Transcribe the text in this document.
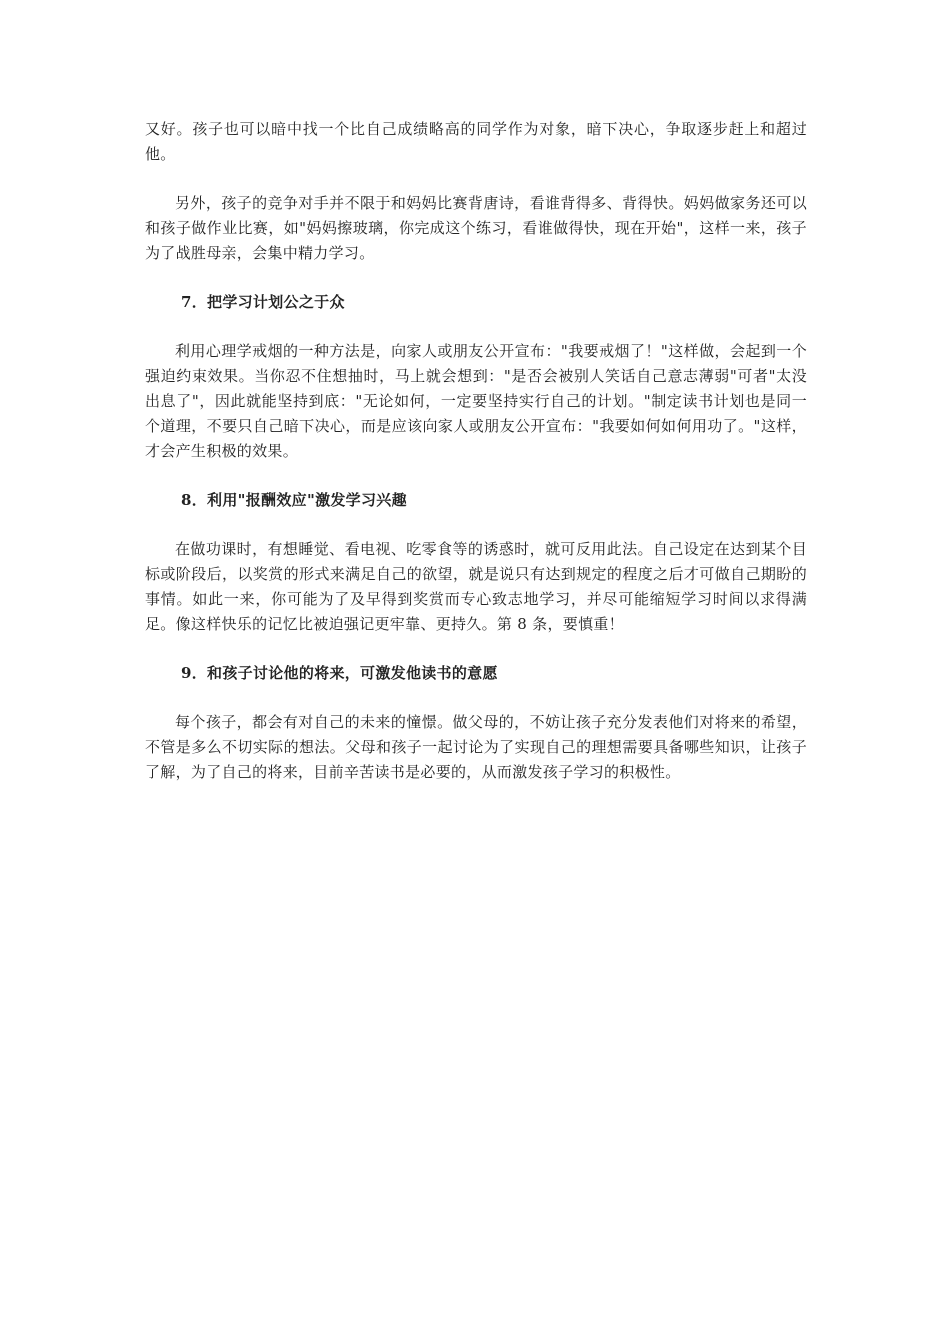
又好。孩子也可以暗中找一个比自己成绩略高的同学作为对象，暗下决心，争取逐步赶上和超过他。

另外，孩子的竞争对手并不限于和妈妈比赛背唐诗，看谁背得多、背得快。妈妈做家务还可以和孩子做作业比赛，如"妈妈擦玻璃，你完成这个练习，看谁做得快，现在开始"，这样一来，孩子为了战胜母亲，会集中精力学习。

7．把学习计划公之于众

利用心理学戒烟的一种方法是，向家人或朋友公开宣布："我要戒烟了！"这样做，会起到一个强迫约束效果。当你忍不住想抽时，马上就会想到："是否会被别人笑话自己意志薄弱"可者"太没出息了"，因此就能坚持到底："无论如何，一定要坚持实行自己的计划。"制定读书计划也是同一个道理，不要只自己暗下决心，而是应该向家人或朋友公开宣布："我要如何如何用功了。"这样，才会产生积极的效果。

8．利用"报酬效应"激发学习兴趣

在做功课时，有想睡觉、看电视、吃零食等的诱惑时，就可反用此法。自己设定在达到某个目标或阶段后，以奖赏的形式来满足自己的欲望，就是说只有达到规定的程度之后才可做自己期盼的事情。如此一来，你可能为了及早得到奖赏而专心致志地学习，并尽可能缩短学习时间以求得满足。像这样快乐的记忆比被迫强记更牢靠、更持久。第 8 条，要慎重！

9．和孩子讨论他的将来，可激发他读书的意愿

每个孩子，都会有对自己的未来的憧憬。做父母的，不妨让孩子充分发表他们对将来的希望，不管是多么不切实际的想法。父母和孩子一起讨论为了实现自己的理想需要具备哪些知识，让孩子了解，为了自己的将来，目前辛苦读书是必要的，从而激发孩子学习的积极性。
